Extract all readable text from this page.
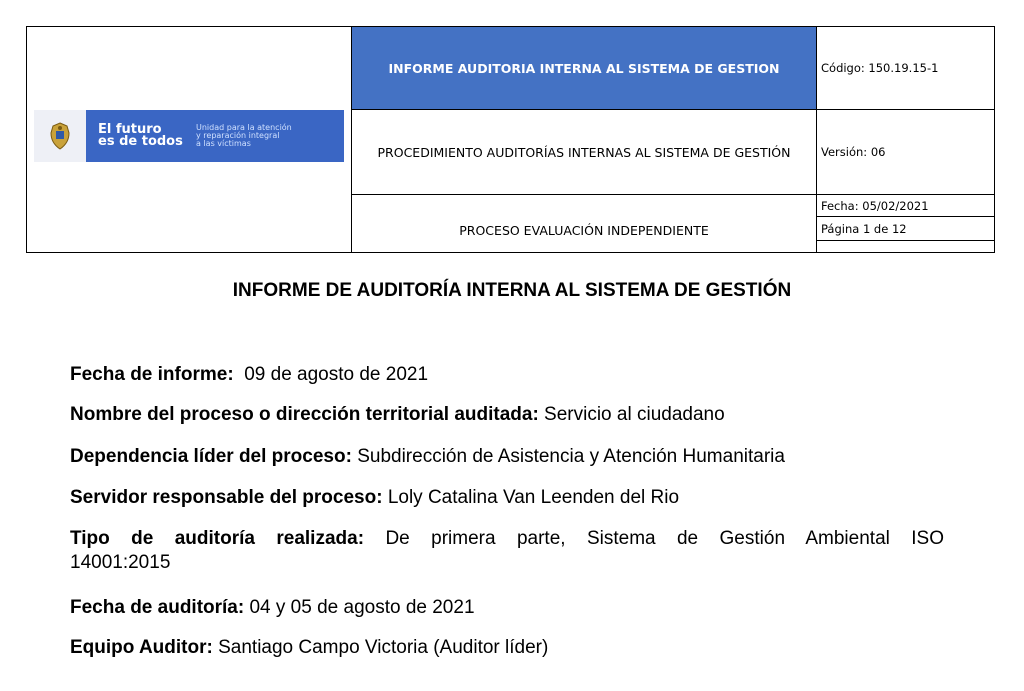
El futuro
es de todos
Unidad para la atención
y reparación integral
a las víctimas
INFORME AUDITORIA INTERNA AL SISTEMA DE GESTION
PROCEDIMIENTO AUDITORÍAS INTERNAS AL SISTEMA DE GESTIÓN
PROCESO EVALUACIÓN INDEPENDIENTE
Código: 150.19.15-1
Versión: 06
Fecha: 05/02/2021
Página 1 de 12
INFORME DE AUDITORÍA INTERNA AL SISTEMA DE GESTIÓN
Fecha de informe: 09 de agosto de 2021
Nombre del proceso o dirección territorial auditada: Servicio al ciudadano
Dependencia líder del proceso: Subdirección de Asistencia y Atención Humanitaria
Servidor responsable del proceso: Loly Catalina Van Leenden del Rio
Tipo de auditoría realizada: De primera parte, Sistema de Gestión Ambiental ISO
14001:2015
Fecha de auditoría: 04 y 05 de agosto de 2021
Equipo Auditor: Santiago Campo Victoria (Auditor líder)
